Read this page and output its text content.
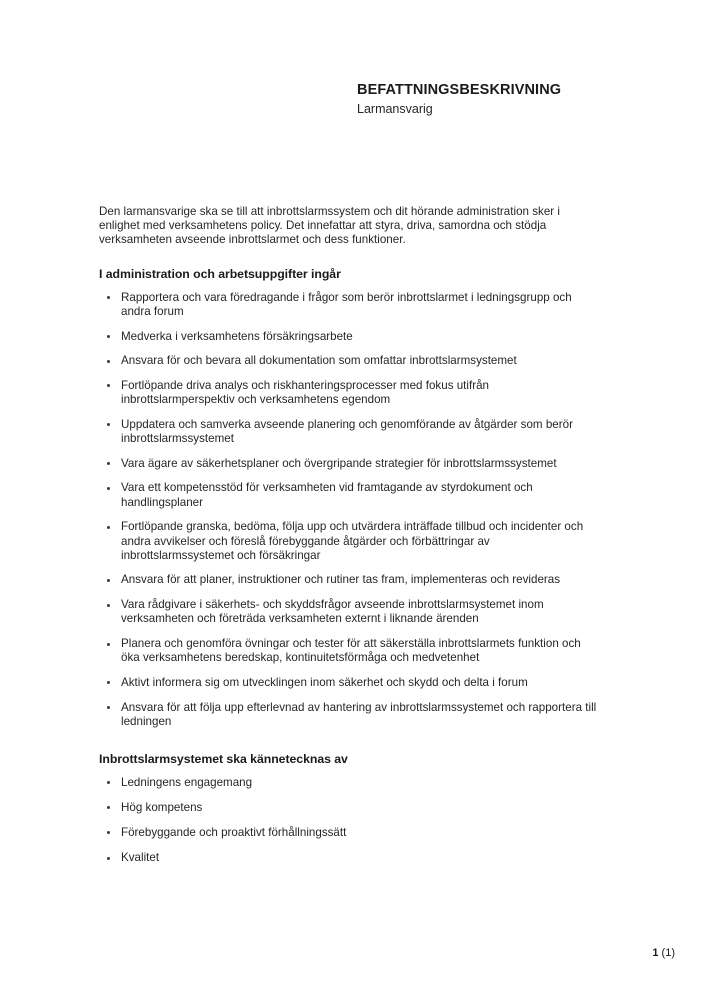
BEFATTNINGSBESKRIVNING
Larmansvarig

Den larmansvarige ska se till att inbrottslarmssystem och dit hörande administration sker i enlighet med verksamhetens policy. Det innefattar att styra, driva, samordna och stödja verksamheten avseende inbrottslarmet och dess funktioner.

I administration och arbetsuppgifter ingår
Rapportera och vara föredragande i frågor som berör inbrottslarmet i ledningsgrupp och andra forum
Medverka i verksamhetens försäkringsarbete
Ansvara för och bevara all dokumentation som omfattar inbrottslarmsystemet
Fortlöpande driva analys och riskhanteringsprocesser med fokus utifrån inbrottslarmperspektiv och verksamhetens egendom
Uppdatera och samverka avseende planering och genomförande av åtgärder som berör inbrottslarmssystemet
Vara ägare av säkerhetsplaner och övergripande strategier för inbrottslarmssystemet
Vara ett kompetensstöd för verksamheten vid framtagande av styrdokument och handlingsplaner
Fortlöpande granska, bedöma, följa upp och utvärdera inträffade tillbud och incidenter och andra avvikelser och föreslå förebyggande åtgärder och förbättringar av inbrottslarmssystemet och försäkringar
Ansvara för att planer, instruktioner och rutiner tas fram, implementeras och revideras
Vara rådgivare i säkerhets- och skyddsfrågor avseende inbrottslarmsystemet inom verksamheten och företräda verksamheten externt i liknande ärenden
Planera och genomföra övningar och tester för att säkerställa inbrottslarmets funktion och öka verksamhetens beredskap, kontinuitetsförmåga och medvetenhet
Aktivt informera sig om utvecklingen inom säkerhet och skydd och delta i forum
Ansvara för att följa upp efterlevnad av hantering av inbrottslarmssystemet och rapportera till ledningen
Inbrottslarmsystemet ska kännetecknas av
Ledningens engagemang
Hög kompetens
Förebyggande och proaktivt förhållningssätt
Kvalitet
1 (1)
